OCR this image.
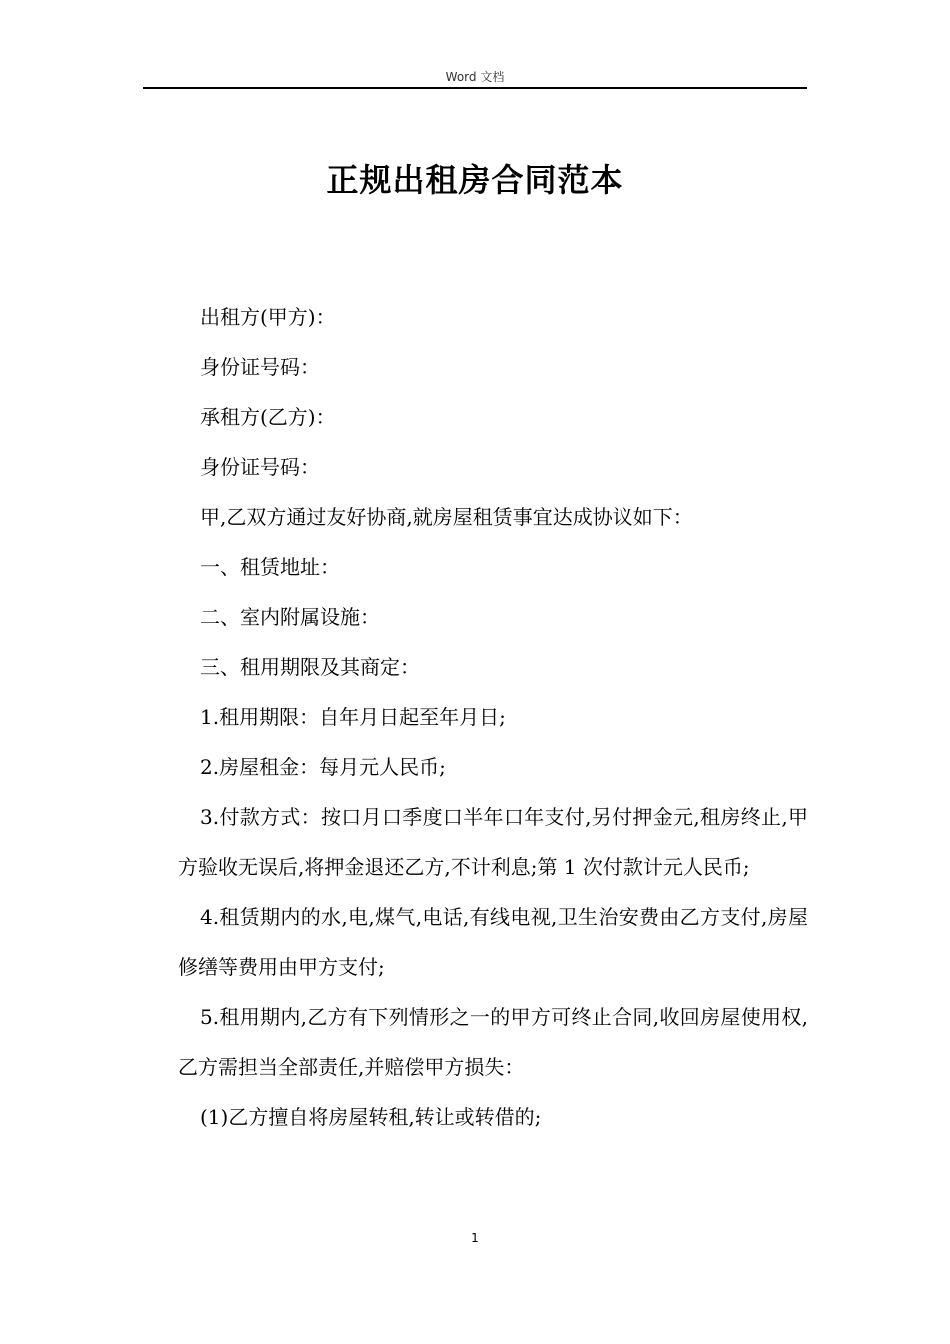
Word 文档
正规出租房合同范本

出租方(甲方)：

身份证号码：

承租方(乙方)：

身份证号码：

甲,乙双方通过友好协商,就房屋租赁事宜达成协议如下：

一、租赁地址：

二、室内附属设施：

三、租用期限及其商定：

1.租用期限：自年月日起至年月日;

2.房屋租金：每月元人民币;

3.付款方式：按口月口季度口半年口年支付,另付押金元,租房终止,甲方验收无误后,将押金退还乙方,不计利息;第 1 次付款计元人民币;

4.租赁期内的水,电,煤气,电话,有线电视,卫生治安费由乙方支付,房屋修缮等费用由甲方支付;

5.租用期内,乙方有下列情形之一的甲方可终止合同,收回房屋使用权,乙方需担当全部责任,并赔偿甲方损失：

(1)乙方擅自将房屋转租,转让或转借的;

1
